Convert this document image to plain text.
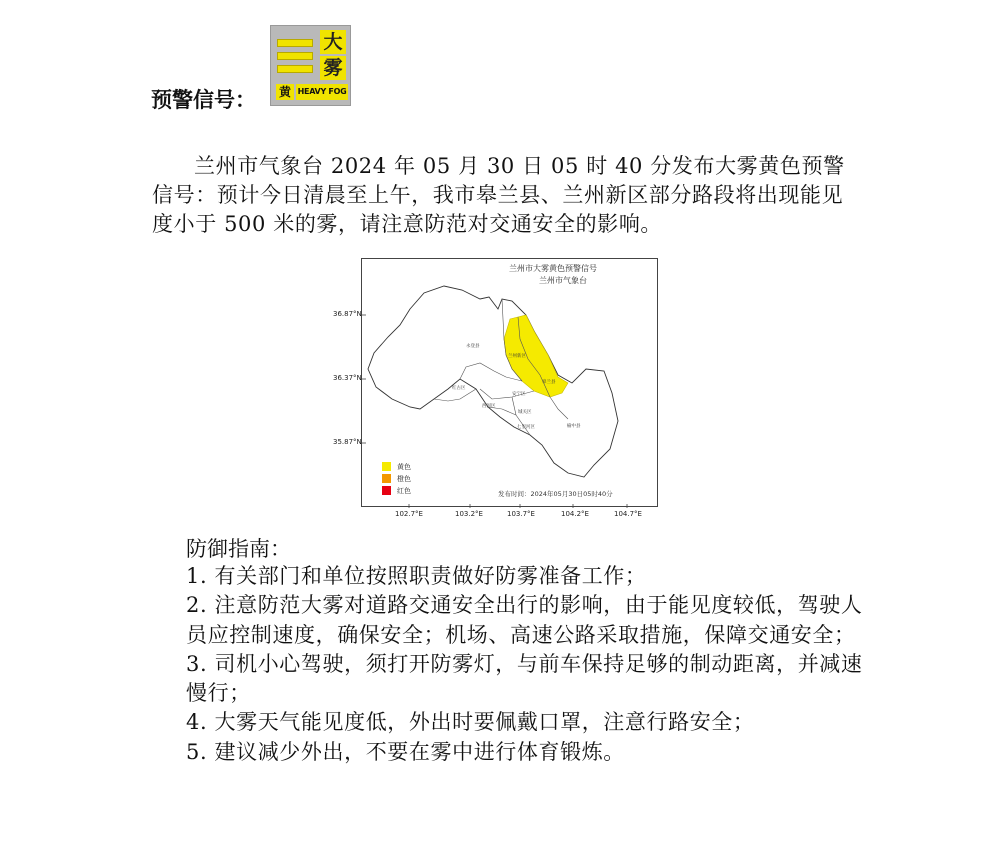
预警信号：
大
雾
黄 HEAVY FOG

兰州市气象台 2024 年 05 月 30 日 05 时 40 分发布大雾黄色预警信号：预计今日清晨至上午，我市皋兰县、兰州新区部分路段将出现能见度小于 500 米的雾，请注意防范对交通安全的影响。

兰州市大雾黄色预警信号
兰州市气象台
永登县
兰州新区
皋兰县
红古区
西固区
安宁区
城关区
七里河区	榆中县
黄色
橙色
红色	发布时间：2024年05月30日05时40分
36.87°N
36.37°N
35.87°N
102.7°E	103.2°E	103.7°E	104.2°E	104.7°E
防御指南：
1. 有关部门和单位按照职责做好防雾准备工作；
2. 注意防范大雾对道路交通安全出行的影响，由于能见度较低，驾驶人员应控制速度，确保安全；机场、高速公路采取措施，保障交通安全；
3. 司机小心驾驶，须打开防雾灯，与前车保持足够的制动距离，并减速慢行；
4. 大雾天气能见度低，外出时要佩戴口罩，注意行路安全；
5. 建议减少外出，不要在雾中进行体育锻炼。
